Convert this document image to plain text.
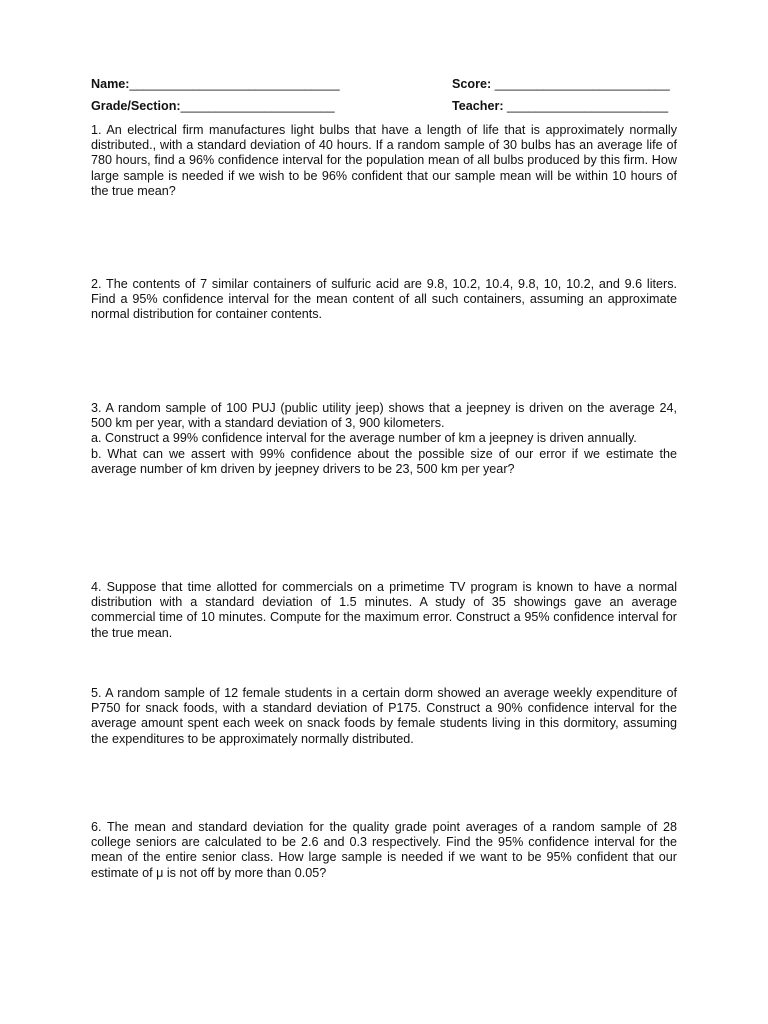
Name:______________________________	Score: _________________________
Grade/Section:______________________	Teacher: _______________________

1. An electrical firm manufactures light bulbs that have a length of life that is approximately normally distributed., with a standard deviation of 40 hours. If a random sample of 30 bulbs has an average life of 780 hours, find a 96% confidence interval for the population mean of all bulbs produced by this firm. How large sample is needed if we wish to be 96% confident that our sample mean will be within 10 hours of the true mean?

2. The contents of 7 similar containers of sulfuric acid are 9.8, 10.2, 10.4, 9.8, 10, 10.2, and 9.6 liters. Find a 95% confidence interval for the mean content of all such containers, assuming an approximate normal distribution for container contents.

3. A random sample of 100 PUJ (public utility jeep) shows that a jeepney is driven on the average 24, 500 km per year, with a standard deviation of 3, 900 kilometers.

a. Construct a 99% confidence interval for the average number of km a jeepney is driven annually.

b. What can we assert with 99% confidence about the possible size of our error if we estimate the average number of km driven by jeepney drivers to be 23, 500 km per year?

4. Suppose that time allotted for commercials on a primetime TV program is known to have a normal distribution with a standard deviation of 1.5 minutes. A study of 35 showings gave an average commercial time of 10 minutes. Compute for the maximum error. Construct a 95% confidence interval for the true mean.

5. A random sample of 12 female students in a certain dorm showed an average weekly expenditure of P750 for snack foods, with a standard deviation of P175. Construct a 90% confidence interval for the average amount spent each week on snack foods by female students living in this dormitory, assuming the expenditures to be approximately normally distributed.

6. The mean and standard deviation for the quality grade point averages of a random sample of 28 college seniors are calculated to be 2.6 and 0.3 respectively. Find the 95% confidence interval for the mean of the entire senior class. How large sample is needed if we want to be 95% confident that our estimate of μ is not off by more than 0.05?
